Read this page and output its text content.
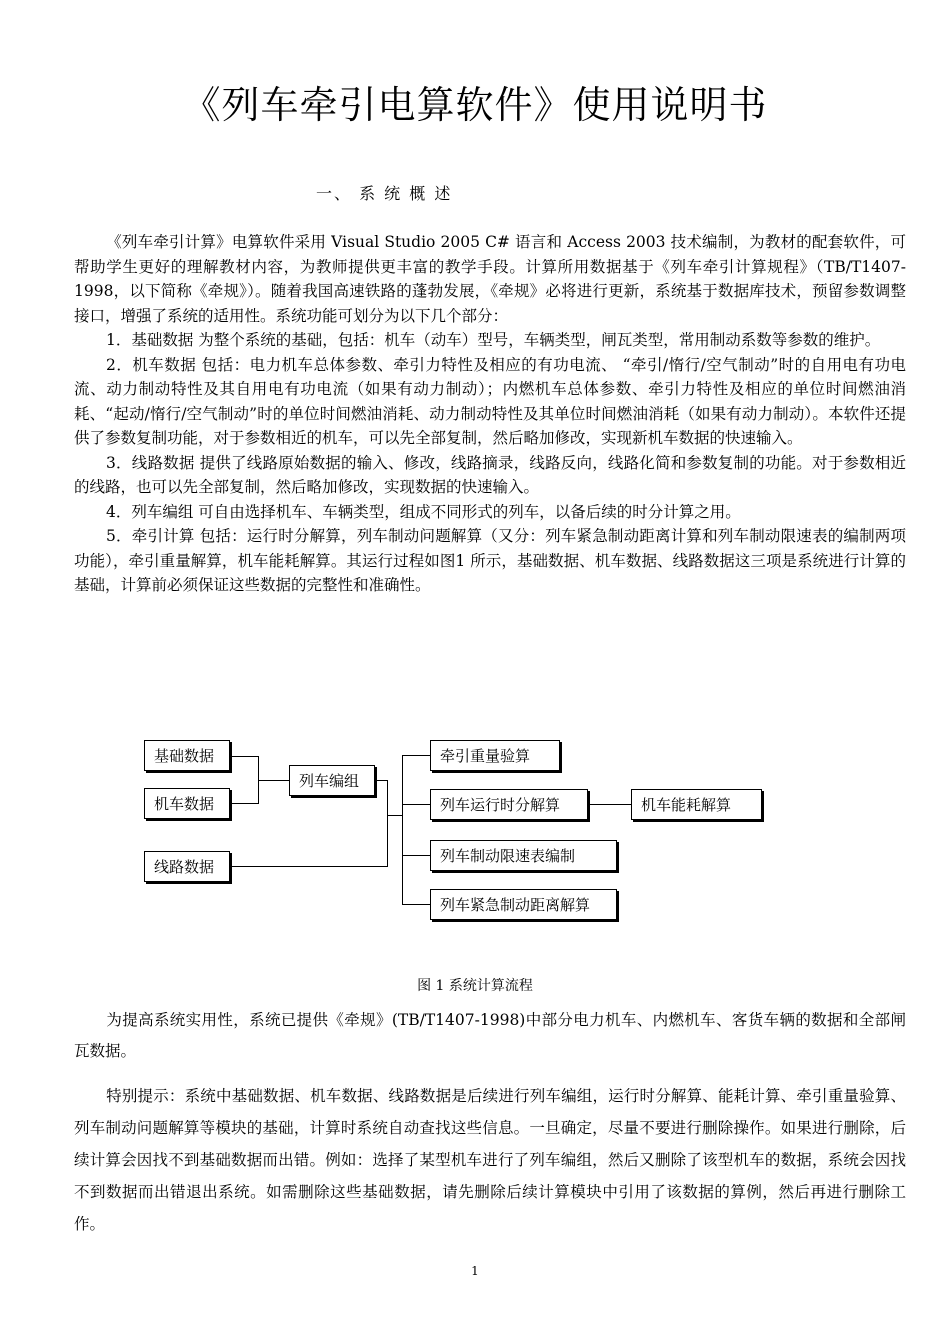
《列车牵引电算软件》使用说明书
一、 系 统 概 述
《列车牵引计算》电算软件采用 Visual Studio 2005 C# 语言和 Access 2003 技术编制，为教材的配套软件，可帮助学生更好的理解教材内容，为教师提供更丰富的教学手段。计算所用数据基于《列车牵引计算规程》（TB/T1407-1998，以下简称《牵规》）。随着我国高速铁路的蓬勃发展，《牵规》必将进行更新，系统基于数据库技术，预留参数调整接口，增强了系统的适用性。系统功能可划分为以下几个部分：
1．基础数据 为整个系统的基础，包括：机车（动车）型号，车辆类型，闸瓦类型，常用制动系数等参数的维护。
2．机车数据 包括：电力机车总体参数、牵引力特性及相应的有功电流、 “牵引/惰行/空气制动”时的自用电有功电流、动力制动特性及其自用电有功电流（如果有动力制动）；内燃机车总体参数、牵引力特性及相应的单位时间燃油消耗、“起动/惰行/空气制动”时的单位时间燃油消耗、动力制动特性及其单位时间燃油消耗（如果有动力制动）。本软件还提供了参数复制功能，对于参数相近的机车，可以先全部复制，然后略加修改，实现新机车数据的快速输入。
3．线路数据 提供了线路原始数据的输入、修改，线路摘录，线路反向，线路化简和参数复制的功能。对于参数相近的线路，也可以先全部复制，然后略加修改，实现数据的快速输入。
4．列车编组 可自由选择机车、车辆类型，组成不同形式的列车，以备后续的时分计算之用。
5．牵引计算 包括：运行时分解算，列车制动问题解算（又分：列车紧急制动距离计算和列车制动限速表的编制两项功能），牵引重量解算，机车能耗解算。其运行过程如图1 所示，基础数据、机车数据、线路数据这三项是系统进行计算的基础，计算前必须保证这些数据的完整性和准确性。
基础数据
机车数据
线路数据
列车编组
牵引重量验算
列车运行时分解算	机车能耗解算
列车制动限速表编制
列车紧急制动距离解算
图 1 系统计算流程
为提高系统实用性，系统已提供《牵规》(TB/T1407-1998)中部分电力机车、内燃机车、客货车辆的数据和全部闸瓦数据。
特别提示：系统中基础数据、机车数据、线路数据是后续进行列车编组，运行时分解算、能耗计算、牵引重量验算、列车制动问题解算等模块的基础，计算时系统自动查找这些信息。一旦确定，尽量不要进行删除操作。如果进行删除，后续计算会因找不到基础数据而出错。例如：选择了某型机车进行了列车编组，然后又删除了该型机车的数据，系统会因找不到数据而出错退出系统。如需删除这些基础数据，请先删除后续计算模块中引用了该数据的算例，然后再进行删除工作。
1
